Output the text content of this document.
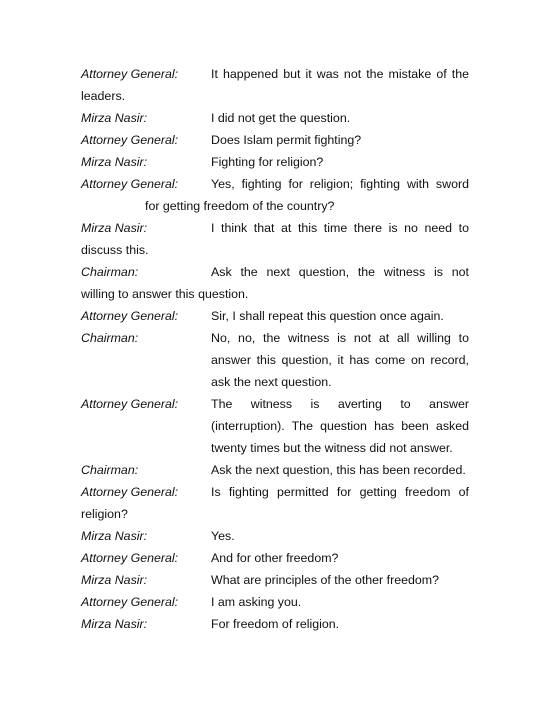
Attorney General:	It happened but it was not the mistake of the
leaders.
Mirza Nasir:	I did not get the question.
Attorney General:	Does Islam permit fighting?
Mirza Nasir:	Fighting for religion?
Attorney General:	Yes, fighting for religion; fighting with sword
for getting freedom of the country?
Mirza Nasir:	I think that at this time there is no need to
discuss this.
Chairman:	Ask the next question, the witness is not
willing to answer this question.
Attorney General:	Sir, I shall repeat this question once again.
Chairman:	No, no, the witness is not at all willing to
answer this question, it has come on record,
ask the next question.
Attorney General:	The witness is averting to answer
(interruption). The question has been asked
twenty times but the witness did not answer.
Chairman:	Ask the next question, this has been recorded.
Attorney General:	Is fighting permitted for getting freedom of
religion?
Mirza Nasir:	Yes.
Attorney General:	And for other freedom?
Mirza Nasir:	What are principles of the other freedom?
Attorney General:	I am asking you.
Mirza Nasir:	For freedom of religion.
